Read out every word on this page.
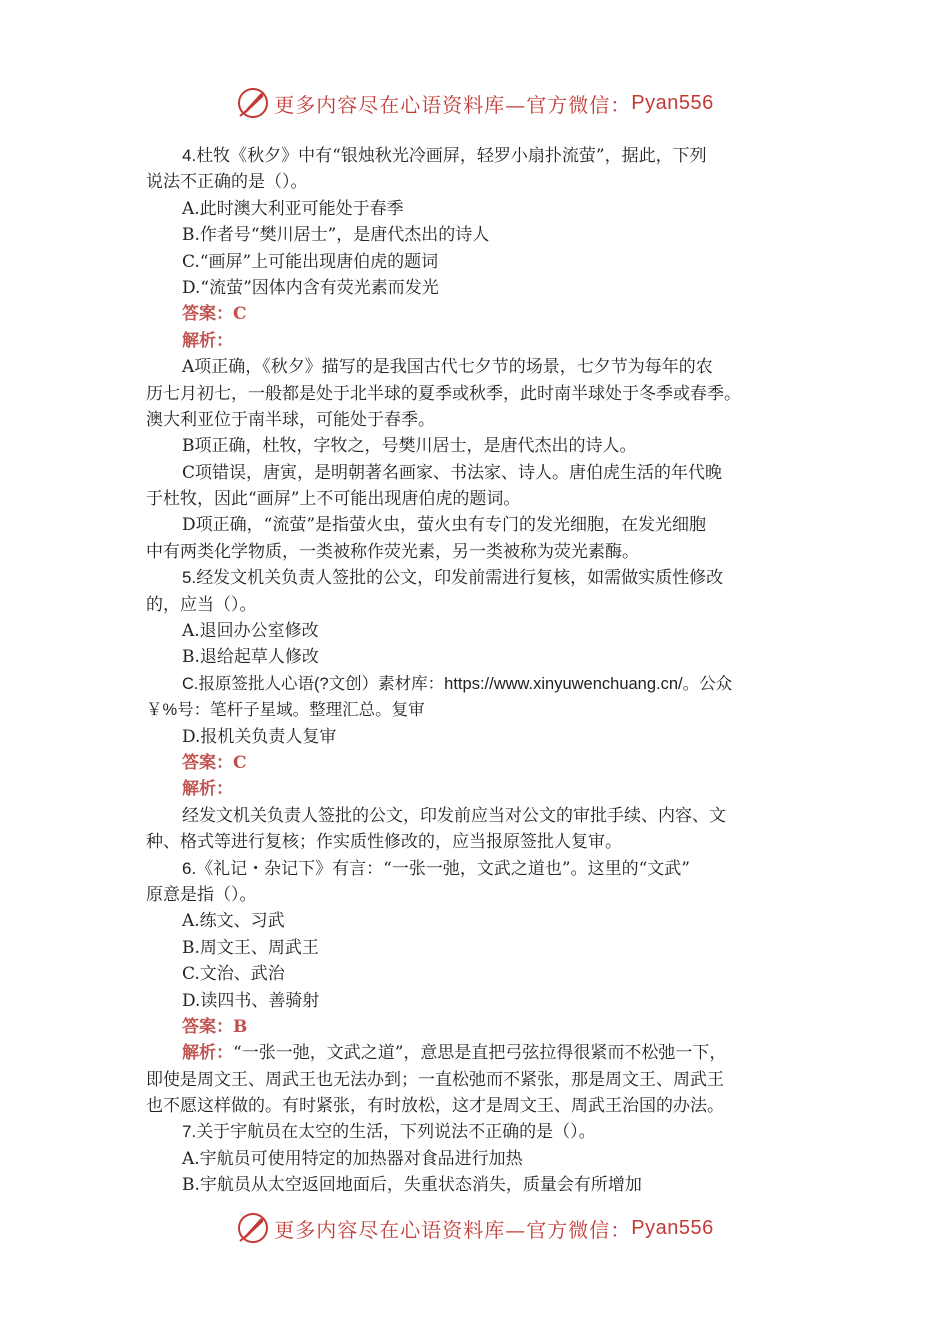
更多内容尽在心语资料库—官方微信： Pyan556
4.杜牧《秋夕》中有“银烛秋光冷画屏，轻罗小扇扑流萤”，据此，下列
说法不正确的是（）。
A.此时澳大利亚可能处于春季
B.作者号“樊川居士”，是唐代杰出的诗人
C.“画屏”上可能出现唐伯虎的题词
D.“流萤”因体内含有荧光素而发光
答案：C
解析：
A项正确，《秋夕》描写的是我国古代七夕节的场景，七夕节为每年的农
历七月初七，一般都是处于北半球的夏季或秋季，此时南半球处于冬季或春季。
澳大利亚位于南半球，可能处于春季。
B项正确，杜牧，字牧之，号樊川居士，是唐代杰出的诗人。
C项错误，唐寅，是明朝著名画家、书法家、诗人。唐伯虎生活的年代晚
于杜牧，因此“画屏”上不可能出现唐伯虎的题词。
D项正确，“流萤”是指萤火虫，萤火虫有专门的发光细胞，在发光细胞
中有两类化学物质，一类被称作荧光素，另一类被称为荧光素酶。
5.经发文机关负责人签批的公文，印发前需进行复核，如需做实质性修改
的，应当（）。
A.退回办公室修改
B.退给起草人修改
C.报原签批人心语(?文创）素材库：https://www.xinyuwenchuang.cn/。公众
￥%号：笔杆子星域。整理汇总。复审
D.报机关负责人复审
答案：C
解析：
经发文机关负责人签批的公文，印发前应当对公文的审批手续、内容、文
种、格式等进行复核；作实质性修改的，应当报原签批人复审。
6.《礼记・杂记下》有言：“一张一弛，文武之道也”。这里的“文武”
原意是指（）。
A.练文、习武
B.周文王、周武王
C.文治、武治
D.读四书、善骑射
答案：B
解析：“一张一弛，文武之道”，意思是直把弓弦拉得很紧而不松弛一下，
即使是周文王、周武王也无法办到；一直松弛而不紧张，那是周文王、周武王
也不愿这样做的。有时紧张，有时放松，这才是周文王、周武王治国的办法。
7.关于宇航员在太空的生活，下列说法不正确的是（）。
A.宇航员可使用特定的加热器对食品进行加热
B.宇航员从太空返回地面后，失重状态消失，质量会有所增加
更多内容尽在心语资料库—官方微信： Pyan556
